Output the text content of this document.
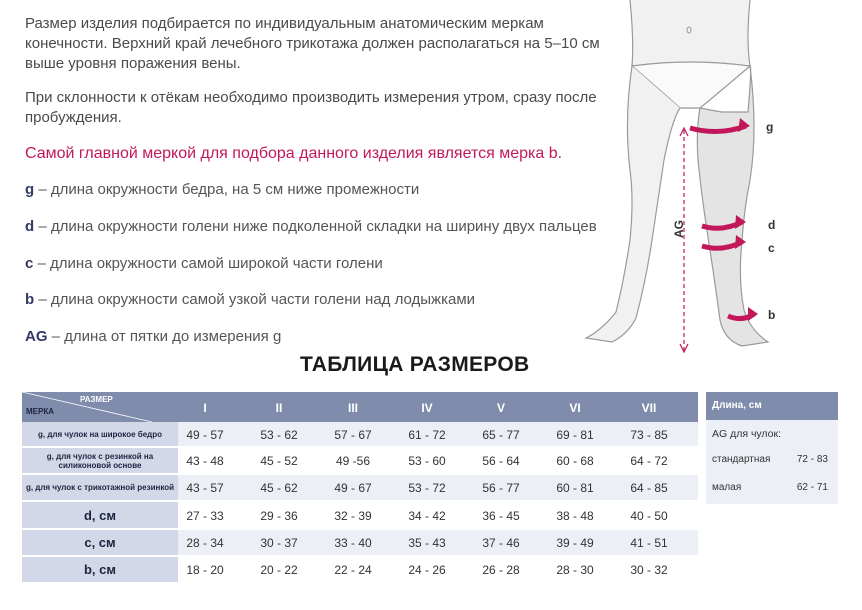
Размер изделия подбирается по индивидуальным анатомическим меркам конечности. Верхний край лечебного трикотажа должен располагаться на 5–10 см выше уровня поражения вены.
При склонности к отёкам необходимо производить измерения утром, сразу после пробуждения.
Самой главной меркой для подбора данного изделия является мерка b.
g – длина окружности бедра, на 5 см ниже промежности
d – длина окружности голени ниже подколенной складки на ширину двух пальцев
c – длина окружности самой широкой части голени
b – длина окружности самой узкой части голени над лодыжками
AG – длина от пятки до измерения g
g
d
c
b
AG
ТАБЛИЦА РАЗМЕРОВ
РАЗМЕР
МЕРКА	I	II	III	IV	V	VI	VII
g, для чулок на широкое бедро	49 - 57	53 - 62	57 - 67	61 - 72	65 - 77	69 - 81	73 - 85
g, для чулок с резинкой на силиконовой основе	43 - 48	45 - 52	49 -56	53 - 60	56 - 64	60 - 68	64 - 72
g, для чулок с трикотажной резинкой	43 - 57	45 - 62	49 - 67	53 - 72	56 - 77	60 - 81	64 - 85
d, см	27 - 33	29 - 36	32 - 39	34 - 42	36 - 45	38 - 48	40 - 50
c, см	28 - 34	30 - 37	33 - 40	35 - 43	37 - 46	39 - 49	41 - 51
b, см	18 - 20	20 - 22	22 - 24	24 - 26	26 - 28	28 - 30	30 - 32
Длина, см
AG для чулок:
стандартная	72 - 83
малая	62 - 71
